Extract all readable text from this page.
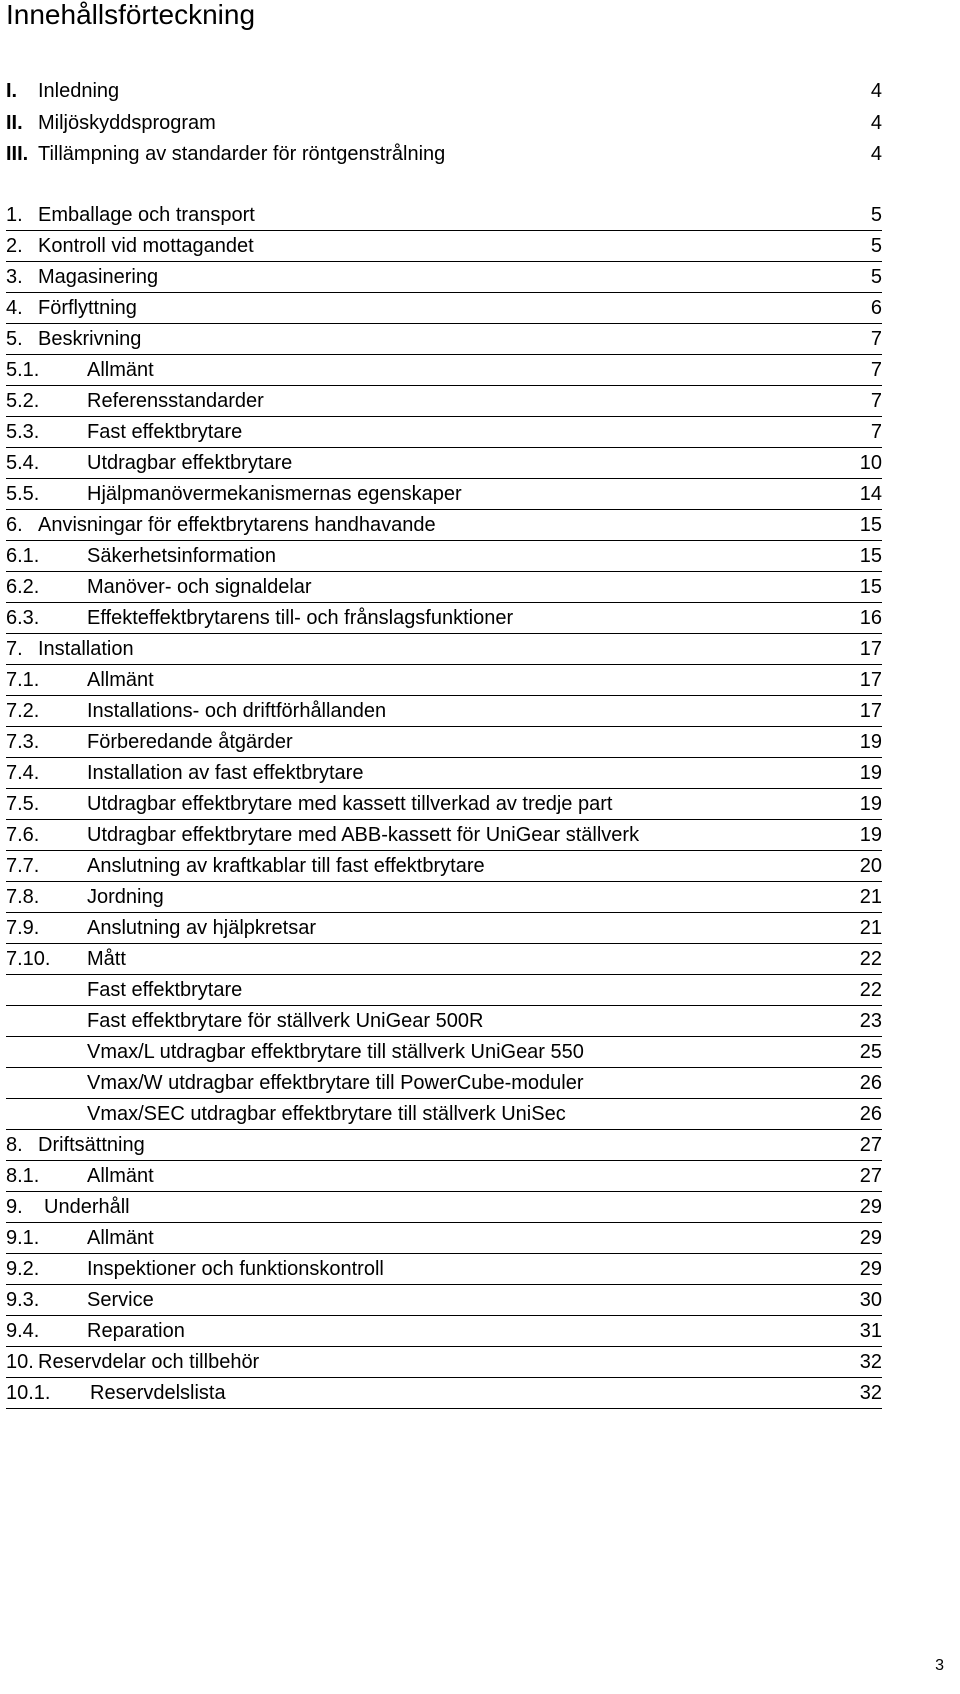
Innehållsförteckning
I. Inledning	4
II. Miljöskyddsprogram	4
III. Tillämpning av standarder för röntgenstrålning	4
1. Emballage och transport	5
2. Kontroll vid mottagandet	5
3. Magasinering	5
4. Förflyttning	6
5. Beskrivning	7
5.1. Allmänt	7
5.2. Referensstandarder	7
5.3. Fast effektbrytare	7
5.4. Utdragbar effektbrytare	10
5.5. Hjälpmanövermekanismernas egenskaper	14
6. Anvisningar för effektbrytarens handhavande	15
6.1. Säkerhetsinformation	15
6.2. Manöver- och signaldelar	15
6.3. Effekteffektbrytarens till- och frånslagsfunktioner	16
7. Installation	17
7.1. Allmänt	17
7.2. Installations- och driftförhållanden	17
7.3. Förberedande åtgärder	19
7.4. Installation av fast effektbrytare	19
7.5. Utdragbar effektbrytare med kassett tillverkad av tredje part	19
7.6. Utdragbar effektbrytare med ABB-kassett för UniGear ställverk	19
7.7. Anslutning av kraftkablar till fast effektbrytare	20
7.8. Jordning	21
7.9. Anslutning av hjälpkretsar	21
7.10. Mått	22
Fast effektbrytare	22
Fast effektbrytare för ställverk UniGear 500R	23
Vmax/L utdragbar effektbrytare till ställverk UniGear 550	25
Vmax/W utdragbar effektbrytare till PowerCube-moduler	26
Vmax/SEC utdragbar effektbrytare till ställverk UniSec	26
8. Driftsättning	27
8.1. Allmänt	27
9. Underhåll	29
9.1. Allmänt	29
9.2. Inspektioner och funktionskontroll	29
9.3. Service	30
9.4. Reparation	31
10. Reservdelar och tillbehör	32
10.1. Reservdelslista	32
3
